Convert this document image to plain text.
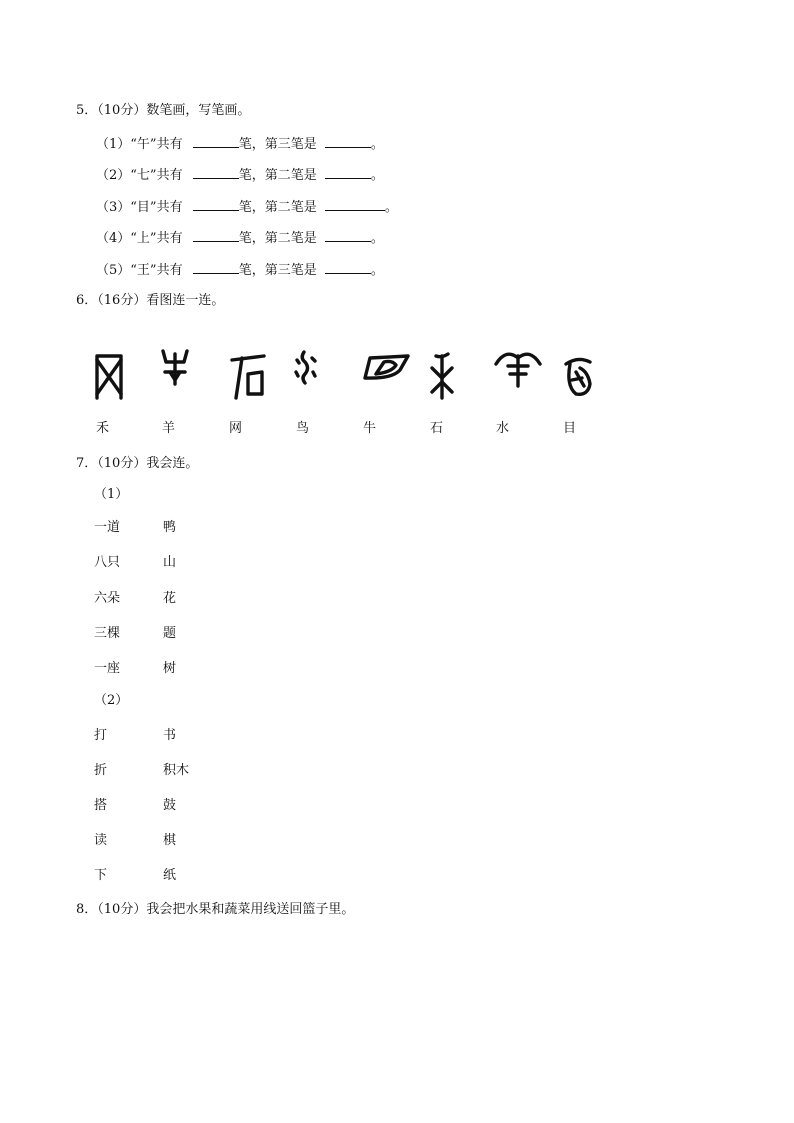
5．（10分）数笔画，写笔画。
（1）“午”共有	笔，第三笔是	。
（2）“七”共有	笔，第二笔是	。
（3）“目”共有	笔，第二笔是	。
（4）“上”共有	笔，第二笔是	。
（5）“王”共有	笔，第三笔是	。
6．（16分）看图连一连。
禾	羊	网	鸟	牛	石	水	目
7．（10分）我会连。
（1）
一道	鸭
八只	山
六朵	花
三棵	题
一座	树
（2）
打	书
折	积木
搭	鼓
读	棋
下	纸
8．（10分）我会把水果和蔬菜用线送回篮子里。
